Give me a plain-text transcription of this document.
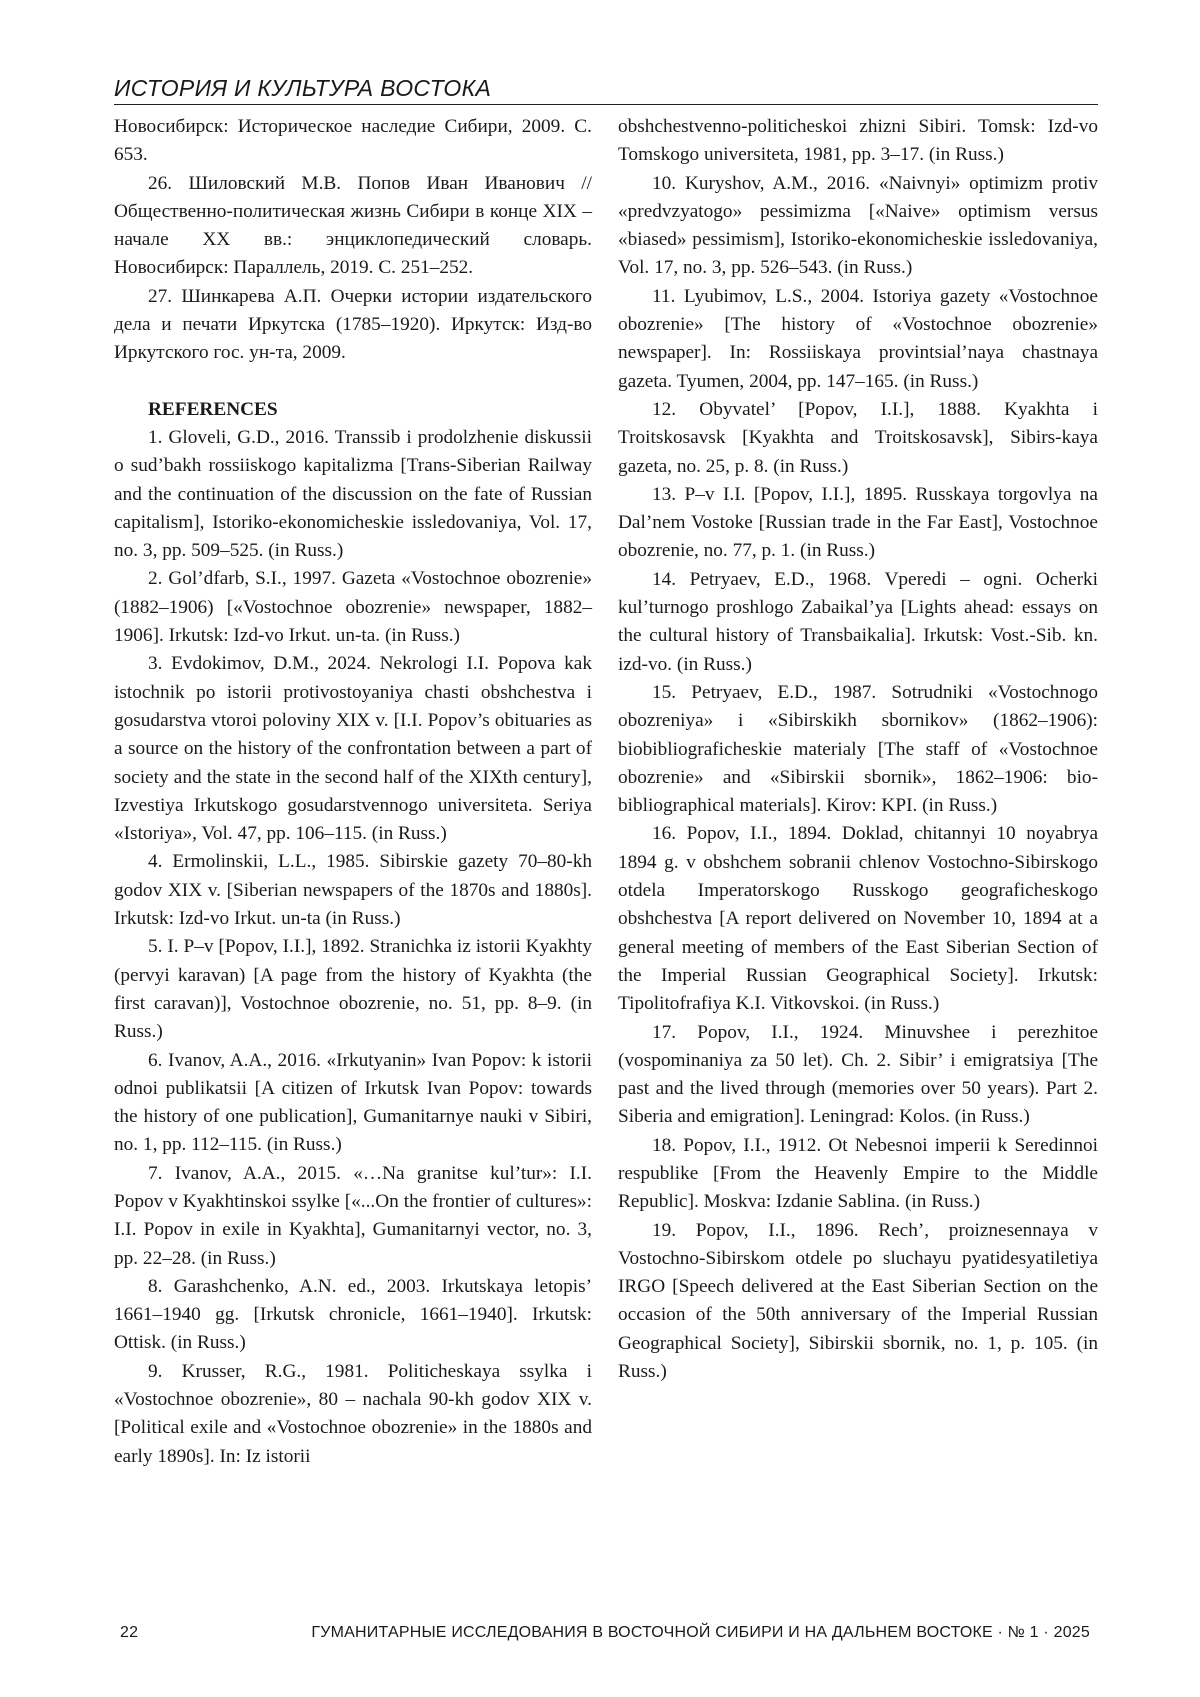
ИСТОРИЯ И КУЛЬТУРА ВОСТОКА

Новосибирск: Историческое наследие Сибири, 2009. С. 653.

26. Шиловский М.В. Попов Иван Иванович // Общественно-политическая жизнь Сибири в конце XIX – начале XX вв.: энциклопедический словарь. Новосибирск: Параллель, 2019. С. 251–252.

27. Шинкарева А.П. Очерки истории издательского дела и печати Иркутска (1785–1920). Иркутск: Изд-во Иркутского гос. ун-та, 2009.

REFERENCES

1. Gloveli, G.D., 2016. Transsib i prodolzhenie diskussii o sud’bakh rossiiskogo kapitalizma [Trans-Siberian Railway and the continuation of the discussion on the fate of Russian capitalism], Istoriko-ekonomicheskie issledovaniya, Vol. 17, no. 3, pp. 509–525. (in Russ.)

2. Gol’dfarb, S.I., 1997. Gazeta «Vostochnoe obozrenie» (1882–1906) [«Vostochnoe obozrenie» newspaper, 1882–1906]. Irkutsk: Izd-vo Irkut. un-ta. (in Russ.)

3. Evdokimov, D.M., 2024. Nekrologi I.I. Popova kak istochnik po istorii protivostoyaniya chasti obshchestva i gosudarstva vtoroi poloviny XIX v. [I.I. Popov’s obituaries as a source on the history of the confrontation between a part of society and the state in the second half of the XIXth century], Izvestiya Irkutskogo gosudarstvennogo universiteta. Seriya «Istoriya», Vol. 47, pp. 106–115. (in Russ.)

4. Ermolinskii, L.L., 1985. Sibirskie gazety 70–80-kh godov XIX v. [Siberian newspapers of the 1870s and 1880s]. Irkutsk: Izd-vo Irkut. un-ta (in Russ.)

5. I. P–v [Popov, I.I.], 1892. Stranichka iz istorii Kyakhty (pervyi karavan) [A page from the history of Kyakhta (the first caravan)], Vostochnoe obozrenie, no. 51, pp. 8–9. (in Russ.)

6. Ivanov, A.A., 2016. «Irkutyanin» Ivan Popov: k istorii odnoi publikatsii [A citizen of Irkutsk Ivan Popov: towards the history of one publication], Gumanitarnye nauki v Sibiri, no. 1, pp. 112–115. (in Russ.)

7. Ivanov, A.A., 2015. «…Na granitse kul’tur»: I.I. Popov v Kyakhtinskoi ssylke [«...On the frontier of cultures»: I.I. Popov in exile in Kyakhta], Gumanitarnyi vector, no. 3, pp. 22–28. (in Russ.)

8. Garashchenko, A.N. ed., 2003. Irkutskaya letopis’ 1661–1940 gg. [Irkutsk chronicle, 1661–1940]. Irkutsk: Ottisk. (in Russ.)

9. Krusser, R.G., 1981. Politicheskaya ssylka i «Vostochnoe obozrenie», 80 – nachala 90-kh godov XIX v. [Political exile and «Vostochnoe obozrenie» in the 1880s and early 1890s]. In: Iz istorii

obshchestvenno-politicheskoi zhizni Sibiri. Tomsk: Izd-vo Tomskogo universiteta, 1981, pp. 3–17. (in Russ.)

10. Kuryshov, A.M., 2016. «Naivnyi» optimizm protiv «predvzyatogo» pessimizma [«Naive» optimism versus «biased» pessimism], Istoriko-ekonomicheskie issledovaniya, Vol. 17, no. 3, pp. 526–543. (in Russ.)

11. Lyubimov, L.S., 2004. Istoriya gazety «Vostochnoe obozrenie» [The history of «Vostochnoe obozrenie» newspaper]. In: Rossiiskaya provintsial’naya chastnaya gazeta. Tyumen, 2004, pp. 147–165. (in Russ.)

12. Obyvatel’ [Popov, I.I.], 1888. Kyakhta i Troitskosavsk [Kyakhta and Troitskosavsk], Sibirs-kaya gazeta, no. 25, p. 8. (in Russ.)

13. P–v I.I. [Popov, I.I.], 1895. Russkaya torgovlya na Dal’nem Vostoke [Russian trade in the Far East], Vostochnoe obozrenie, no. 77, p. 1. (in Russ.)

14. Petryaev, E.D., 1968. Vperedi – ogni. Ocherki kul’turnogo proshlogo Zabaikal’ya [Lights ahead: essays on the cultural history of Transbaikalia]. Irkutsk: Vost.-Sib. kn. izd-vo. (in Russ.)

15. Petryaev, E.D., 1987. Sotrudniki «Vostochnogo obozreniya» i «Sibirskikh sbornikov» (1862–1906): biobibliograficheskie materialy [The staff of «Vostochnoe obozrenie» and «Sibirskii sbornik», 1862–1906: bio-bibliographical materials]. Kirov: KPI. (in Russ.)

16. Popov, I.I., 1894. Doklad, chitannyi 10 noyabrya 1894 g. v obshchem sobranii chlenov Vostochno-Sibirskogo otdela Imperatorskogo Russkogo geograficheskogo obshchestva [A report delivered on November 10, 1894 at a general meeting of members of the East Siberian Section of the Imperial Russian Geographical Society]. Irkutsk: Tipolitofrafiya K.I. Vitkovskoi. (in Russ.)

17. Popov, I.I., 1924. Minuvshee i perezhitoe (vospominaniya za 50 let). Ch. 2. Sibir’ i emigratsiya [The past and the lived through (memories over 50 years). Part 2. Siberia and emigration]. Leningrad: Kolos. (in Russ.)

18. Popov, I.I., 1912. Ot Nebesnoi imperii k Seredinnoi respublike [From the Heavenly Empire to the Middle Republic]. Moskva: Izdanie Sablina. (in Russ.)

19. Popov, I.I., 1896. Rech’, proiznesennaya v Vostochno-Sibirskom otdele po sluchayu pyatidesyatiletiya IRGO [Speech delivered at the East Siberian Section on the occasion of the 50th anniversary of the Imperial Russian Geographical Society], Sibirskii sbornik, no. 1, p. 105. (in Russ.)

22	ГУМАНИТАРНЫЕ ИССЛЕДОВАНИЯ В ВОСТОЧНОЙ СИБИРИ И НА ДАЛЬНЕМ ВОСТОКЕ · № 1 · 2025
